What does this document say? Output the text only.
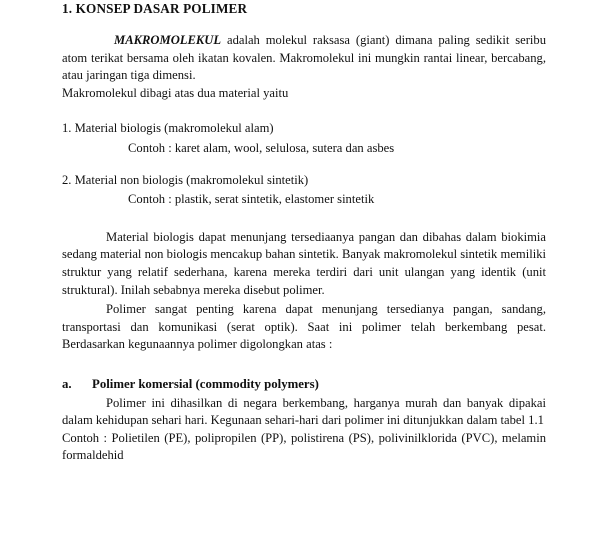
1. KONSEP DASAR POLIMER

MAKROMOLEKUL adalah molekul raksasa (giant) dimana paling sedikit seribu atom terikat bersama oleh ikatan kovalen. Makromolekul ini mungkin rantai linear, bercabang, atau jaringan tiga dimensi.

Makromolekul dibagi atas dua material yaitu

1. Material biologis (makromolekul alam)
Contoh : karet alam, wool, selulosa, sutera dan asbes
2. Material non biologis (makromolekul sintetik)
Contoh : plastik, serat sintetik, elastomer sintetik

Material biologis dapat menunjang tersediaanya pangan dan dibahas dalam biokimia sedang material non biologis mencakup bahan sintetik. Banyak makromolekul sintetik memiliki struktur yang relatif sederhana, karena mereka terdiri dari unit ulangan yang identik (unit struktural). Inilah sebabnya mereka disebut polimer.

Polimer sangat penting karena dapat menunjang tersedianya pangan, sandang, transportasi dan komunikasi (serat optik). Saat ini polimer telah berkembang pesat. Berdasarkan kegunaannya polimer digolongkan atas :

a. Polimer komersial (commodity polymers)

Polimer ini dihasilkan di negara berkembang, harganya murah dan banyak dipakai dalam kehidupan sehari hari. Kegunaan sehari-hari dari polimer ini ditunjukkan dalam tabel 1.1

Contoh : Polietilen (PE), polipropilen (PP), polistirena (PS), polivinilklorida (PVC), melamin formaldehid
